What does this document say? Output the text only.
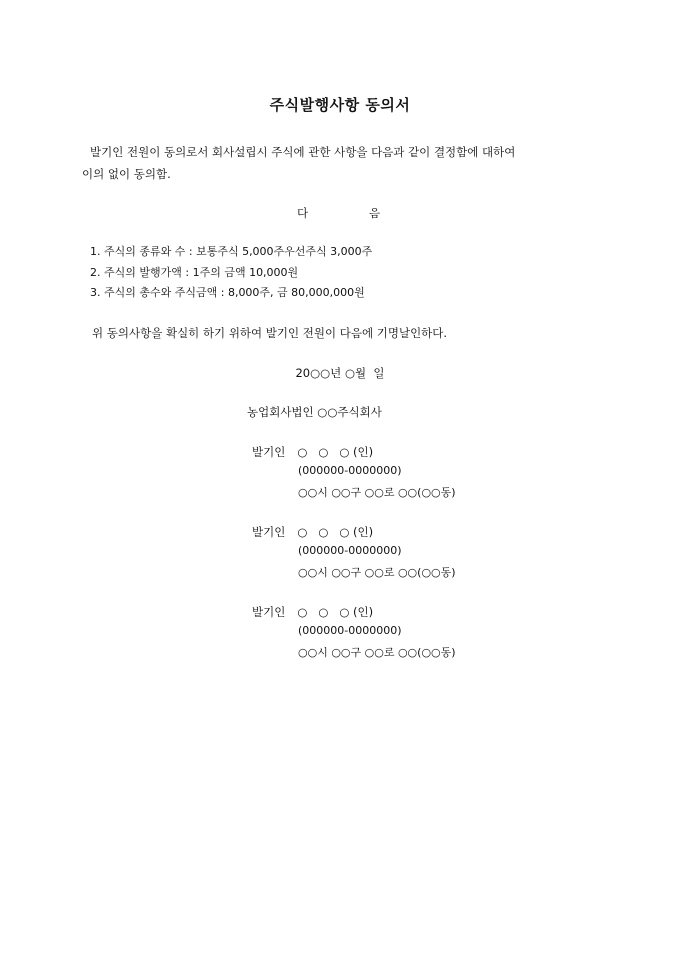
주식발행사항 동의서

발기인 전원이 동의로서 회사설립시 주식에 관한 사항을 다음과 같이 결정함에 대하여
이의 없이 동의함.

다	음
1. 주식의 종류와 수 : 보통주식 5,000주우선주식 3,000주
2. 주식의 발행가액 : 1주의 금액 10,000원
3. 주식의 총수와 주식금액 : 8,000주, 금 80,000,000원

위 동의사항을 확실히 하기 위하여 발기인 전원이 다음에 기명날인하다.

20○○년 ○월  일
농업회사법인 ○○주식회사
발기인 ○   ○   ○ (인)
(000000-0000000)
○○시 ○○구 ○○로 ○○(○○동)
발기인 ○   ○   ○ (인)
(000000-0000000)
○○시 ○○구 ○○로 ○○(○○동)
발기인 ○   ○   ○ (인)
(000000-0000000)
○○시 ○○구 ○○로 ○○(○○동)
